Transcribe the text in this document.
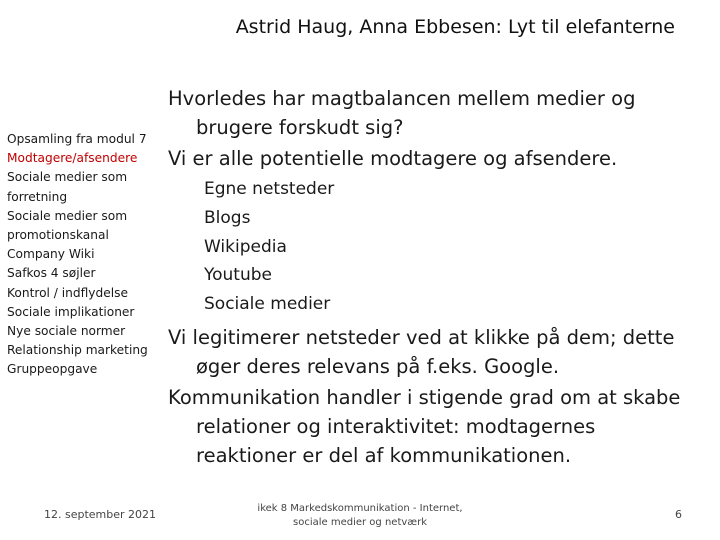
Astrid Haug, Anna Ebbesen: Lyt til elefanterne
Opsamling fra modul 7
Modtagere/afsendere
Sociale medier som forretning
Sociale medier som promotionskanal
Company Wiki
Safkos 4 søjler
Kontrol / indflydelse
Sociale implikationer
Nye sociale normer
Relationship marketing
Gruppeopgave
Hvorledes har magtbalancen mellem medier og brugere forskudt sig?
Vi er alle potentielle modtagere og afsendere.
Egne netsteder
Blogs
Wikipedia
Youtube
Sociale medier
Vi legitimerer netsteder ved at klikke på dem; dette øger deres relevans på f.eks. Google.
Kommunikation handler i stigende grad om at skabe relationer og interaktivitet: modtagernes reaktioner er del af kommunikationen.
12. september 2021	ikek 8 Markedskommunikation - Internet, sociale medier og netværk
6
